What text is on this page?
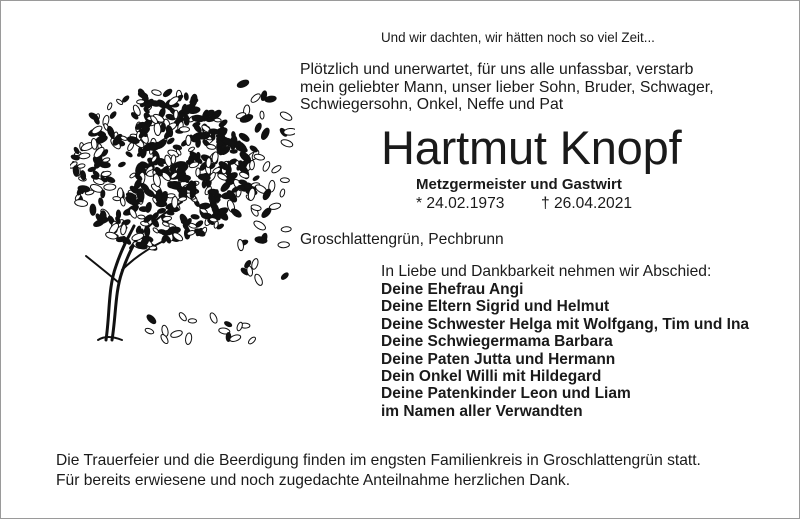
Und wir dachten, wir hätten noch so viel Zeit...
Plötzlich und unerwartet, für uns alle unfassbar, verstarb
mein geliebter Mann, unser lieber Sohn, Bruder, Schwager,
Schwiegersohn, Onkel, Neffe und Pat
Hartmut Knopf
Metzgermeister und Gastwirt
* 24.02.1973 † 26.04.2021
Groschlattengrün, Pechbrunn
In Liebe und Dankbarkeit nehmen wir Abschied:
Deine Ehefrau Angi
Deine Eltern Sigrid und Helmut
Deine Schwester Helga mit Wolfgang, Tim und Ina
Deine Schwiegermama Barbara
Deine Paten Jutta und Hermann
Dein Onkel Willi mit Hildegard
Deine Patenkinder Leon und Liam
im Namen aller Verwandten
Die Trauerfeier und die Beerdigung finden im engsten Familienkreis in Groschlattengrün statt.
Für bereits erwiesene und noch zugedachte Anteilnahme herzlichen Dank.
